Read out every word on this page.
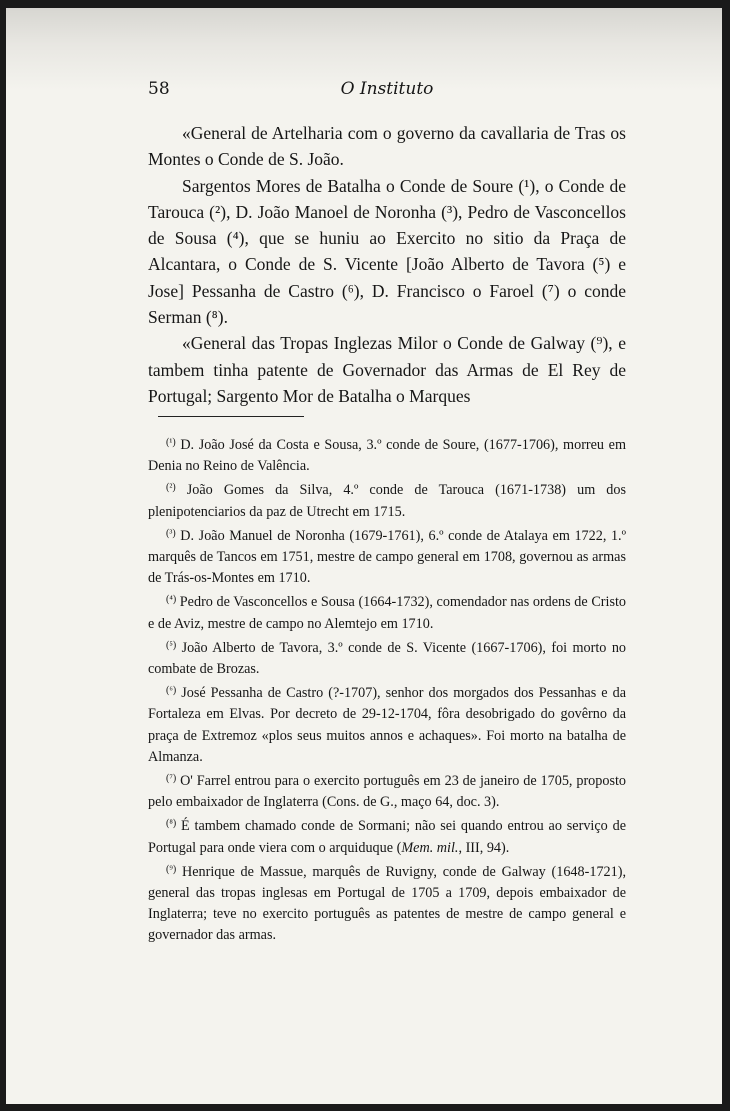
58	O Instituto

«General de Artelharia com o governo da cavallaria de Tras os Montes o Conde de S. João.

Sargentos Mores de Batalha o Conde de Soure (¹), o Conde de Tarouca (²), D. João Manoel de Noronha (³), Pedro de Vasconcellos de Sousa (⁴), que se huniu ao Exercito no sitio da Praça de Alcantara, o Conde de S. Vicente [João Alberto de Tavora (⁵) e Jose] Pessanha de Castro (⁶), D. Francisco o Faroel (⁷) o conde Serman (⁸).

«General das Tropas Inglezas Milor o Conde de Galway (⁹), e tambem tinha patente de Governador das Armas de El Rey de Portugal; Sargento Mor de Batalha o Marques

$^{(^1)}$ D. João José da Costa e Sousa, 3.º conde de Soure, (1677-1706), morreu em Denia no Reino de Valência.

$^{(^2)}$ João Gomes da Silva, 4.º conde de Tarouca (1671-1738) um dos plenipotenciarios da paz de Utrecht em 1715.

$^{(^3)}$ D. João Manuel de Noronha (1679-1761), 6.º conde de Atalaya em 1722, 1.º marquês de Tancos em 1751, mestre de campo general em 1708, governou as armas de Trás-os-Montes em 1710.

$^{(^4)}$ Pedro de Vasconcellos e Sousa (1664-1732), comendador nas ordens de Cristo e de Aviz, mestre de campo no Alemtejo em 1710.

$^{(^5)}$ João Alberto de Tavora, 3.º conde de S. Vicente (1667-1706), foi morto no combate de Brozas.

$^{(^6)}$ José Pessanha de Castro (?-1707), senhor dos morgados dos Pessanhas e da Fortaleza em Elvas. Por decreto de 29-12-1704, fôra desobrigado do govêrno da praça de Extremoz «plos seus muitos annos e achaques». Foi morto na batalha de Almanza.

$^{(^7)}$ O' Farrel entrou para o exercito português em 23 de janeiro de 1705, proposto pelo embaixador de Inglaterra (Cons. de G., maço 64, doc. 3).

$^{(^8)}$ É tambem chamado conde de Sormani; não sei quando entrou ao serviço de Portugal para onde viera com o arquiduque (Mem. mil., III, 94).

$^{(^9)}$ Henrique de Massue, marquês de Ruvigny, conde de Galway (1648-1721), general das tropas inglesas em Portugal de 1705 a 1709, depois embaixador de Inglaterra; teve no exercito português as patentes de mestre de campo general e governador das armas.
